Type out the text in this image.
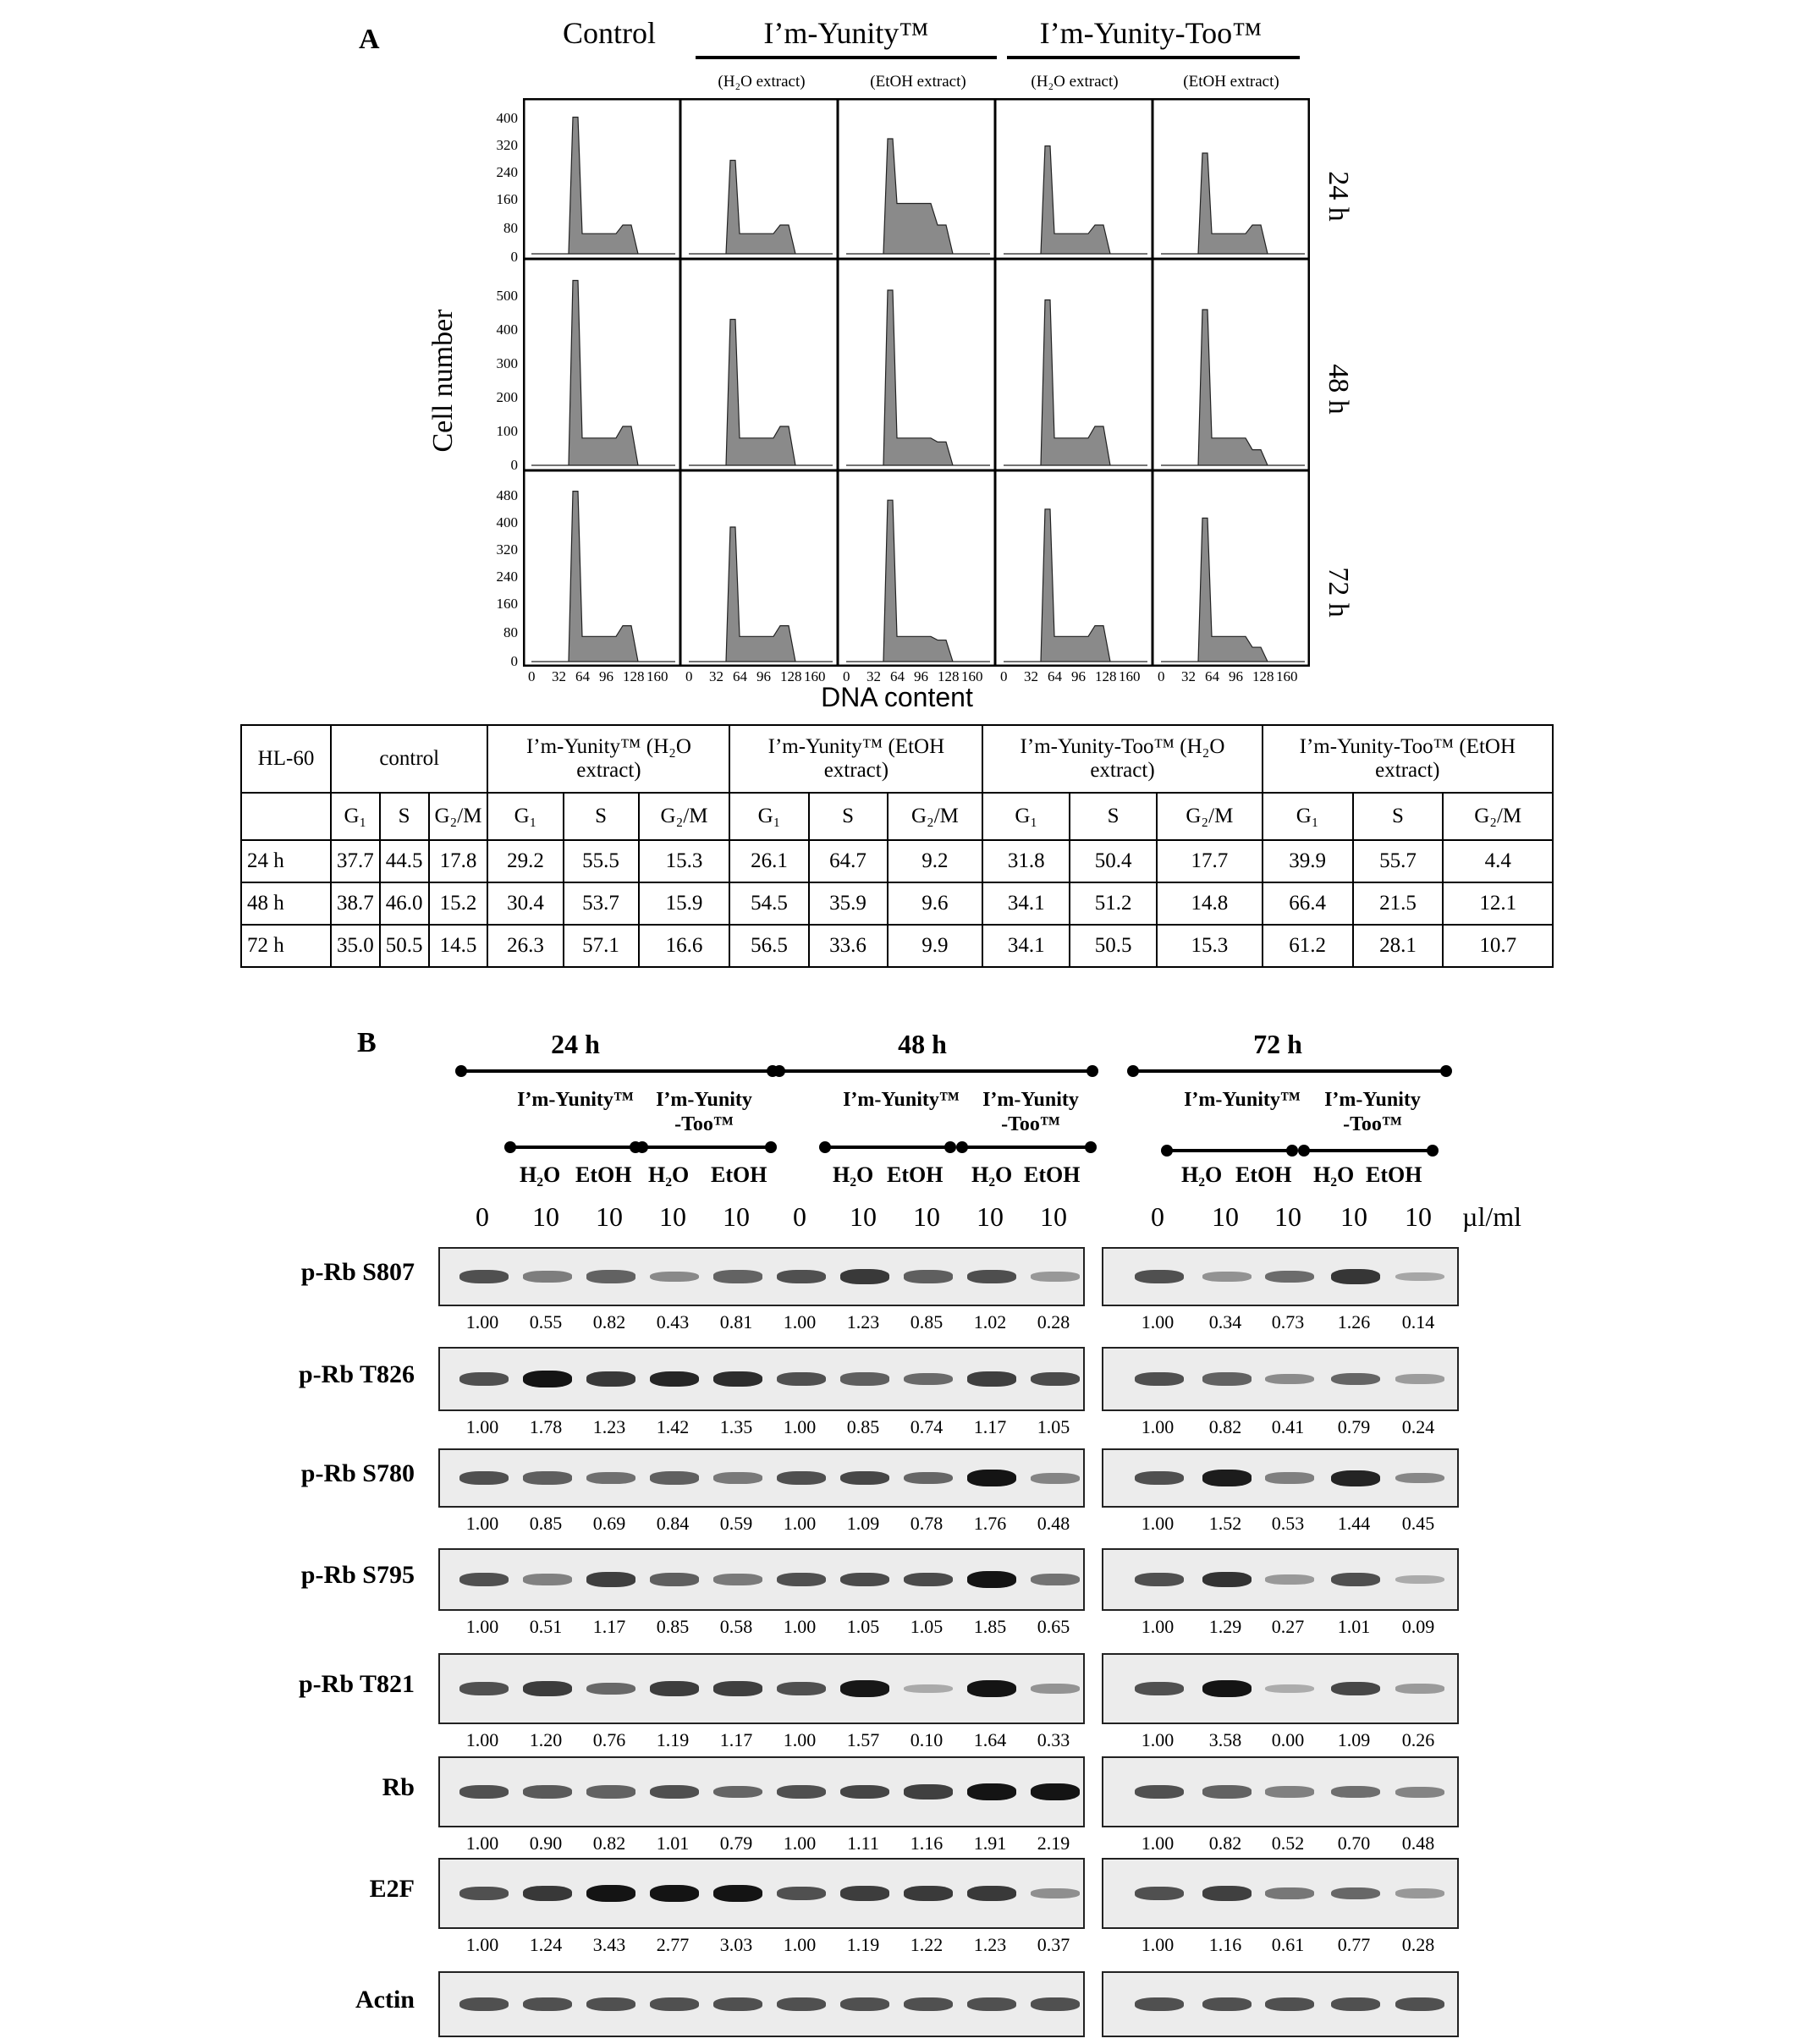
A	Control	I’m-Yunity™	I’m-Yunity-Too™
(H₂O extract)	(EtOH extract)	(H₂O extract)	(EtOH extract)
Cell number
400
320
240
160
80
0
500
400
300
200
100
0
480
400
320
240
160
80
0
0 32 64 96 128 160 0 32 64 96 128 160 0 32 64 96 128 160 0 32 64 96 128 160 0 32 64 96 128 160
24 h
48 h
72 h
DNA content
HL-60	control			I’m-Yunity™ (H₂O extract)			I’m-Yunity™ (EtOH extract)			I’m-Yunity-Too™ (H₂O extract)			I’m-Yunity-Too™ (EtOH extract)		
	G₁	S	G₂/M	G₁	S	G₂/M	G₁	S	G₂/M	G₁	S	G₂/M	G₁	S	G₂/M
24 h	37.7	44.5	17.8	29.2	55.5	15.3	26.1	64.7	9.2	31.8	50.4	17.7	39.9	55.7	4.4
48 h	38.7	46.0	15.2	30.4	53.7	15.9	54.5	35.9	9.6	34.1	51.2	14.8	66.4	21.5	12.1
72 h	35.0	50.5	14.5	26.3	57.1	16.6	56.5	33.6	9.9	34.1	50.5	15.3	61.2	28.1	10.7
B	24 h	48 h	72 h
I’m-Yunity™	I’m-Yunity
-Too™
I’m-Yunity™	I’m-Yunity
-Too™
I’m-Yunity™	I’m-Yunity
-Too™
H₂O EtOH H₂O EtOH	H₂O EtOH H₂O EtOH	H₂O EtOH H₂O EtOH
0	10 10 10 10	0	10 10 10 10	0	10 10 10 10 µl/ml
p-Rb S807
1.00	0.55	0.82	0.43	0.81	1.00	1.23	0.85	1.02	0.28	1.00	0.34	0.73	1.26	0.14
p-Rb T826
1.00	1.78	1.23	1.42	1.35	1.00	0.85	0.74	1.17	1.05	1.00	0.82	0.41	0.79	0.24
p-Rb S780
1.00	0.85	0.69	0.84	0.59	1.00	1.09	0.78	1.76	0.48	1.00	1.52	0.53	1.44	0.45
p-Rb S795
1.00	0.51	1.17	0.85	0.58	1.00	1.05	1.05	1.85	0.65	1.00	1.29	0.27	1.01	0.09
p-Rb T821
1.00	1.20	0.76	1.19	1.17	1.00	1.57	0.10	1.64	0.33	1.00	3.58	0.00	1.09	0.26
Rb
1.00	0.90	0.82	1.01	0.79	1.00	1.11	1.16	1.91	2.19	1.00	0.82	0.52	0.70	0.48
E2F
1.00	1.24	3.43	2.77	3.03	1.00	1.19	1.22	1.23	0.37	1.00	1.16	0.61	0.77	0.28
Actin
